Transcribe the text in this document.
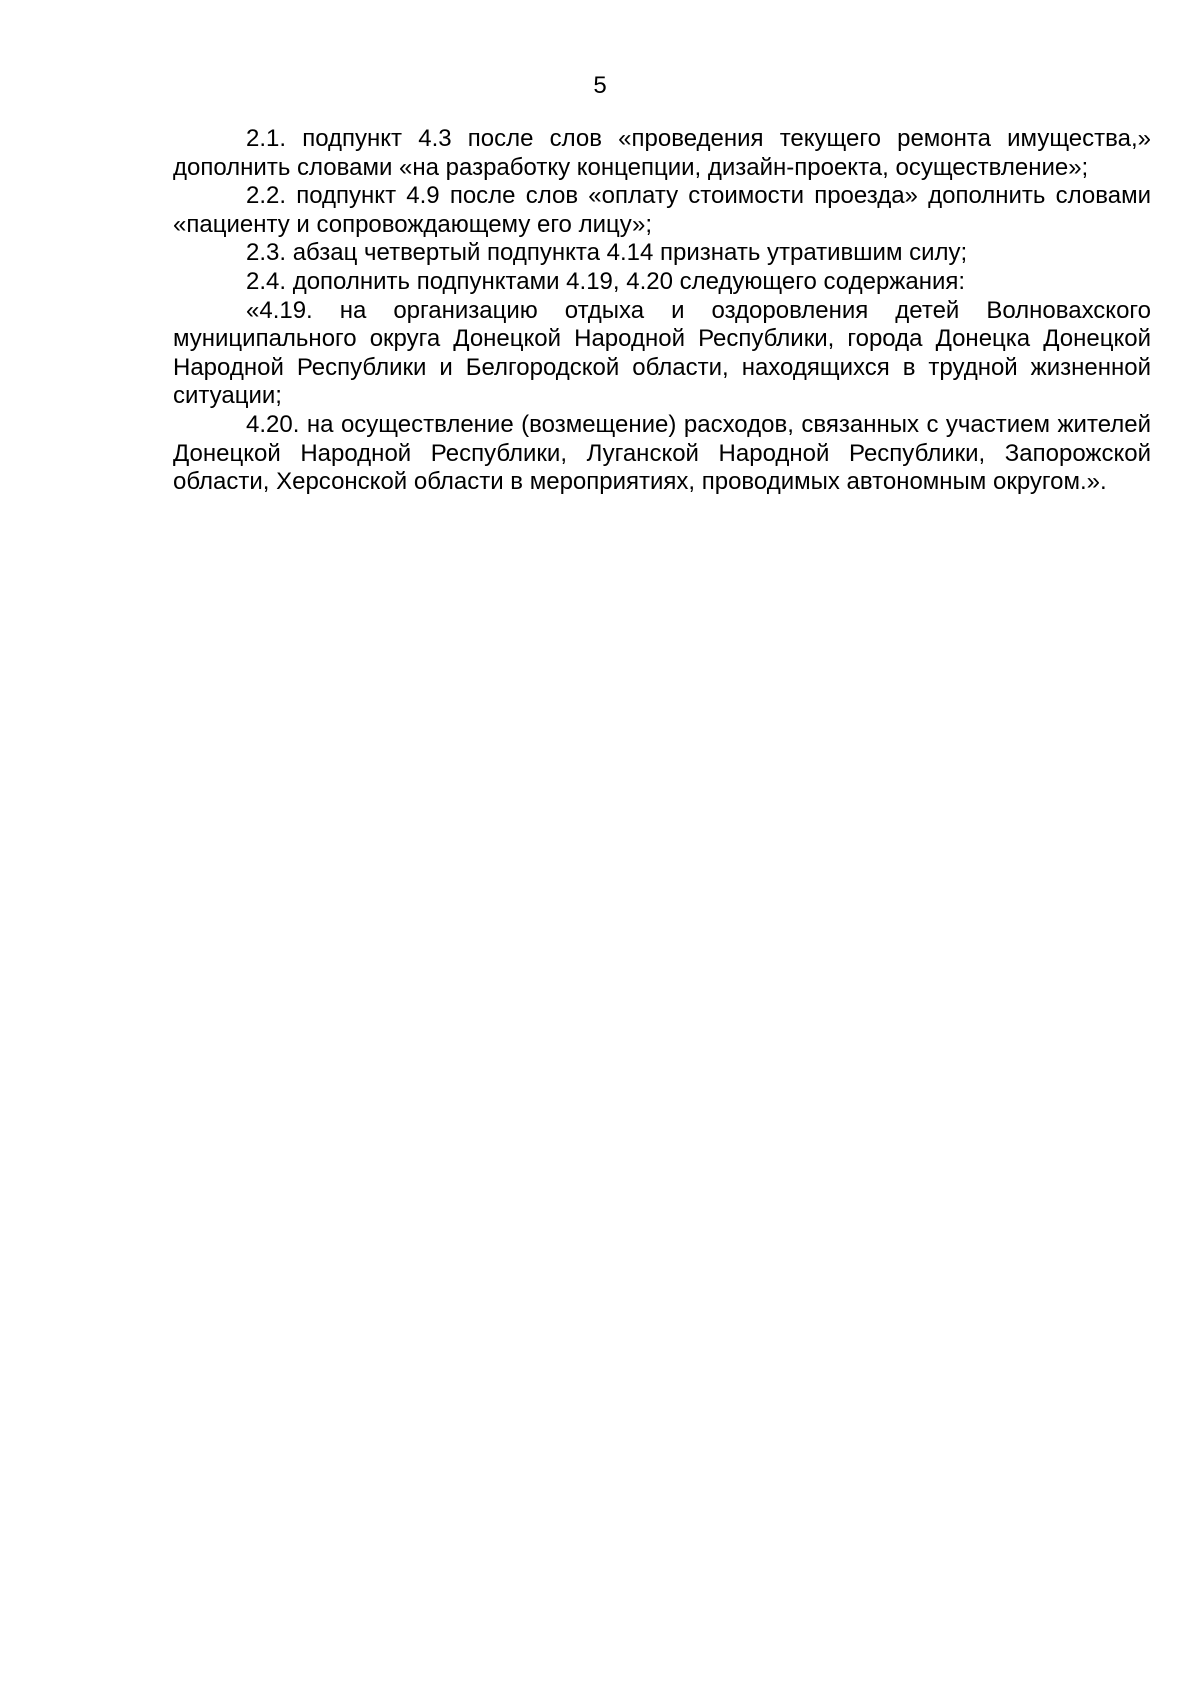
5

2.1. подпункт 4.3 после слов «проведения текущего ремонта имущества,» дополнить словами «на разработку концепции, дизайн-проекта, осуществление»;

2.2. подпункт 4.9 после слов «оплату стоимости проезда» дополнить словами «пациенту и сопровождающему его лицу»;

2.3. абзац четвертый подпункта 4.14 признать утратившим силу;

2.4. дополнить подпунктами 4.19, 4.20 следующего содержания:

«4.19. на организацию отдыха и оздоровления детей Волновахского муниципального округа Донецкой Народной Республики, города Донецка Донецкой Народной Республики и Белгородской области, находящихся в трудной жизненной ситуации;

4.20. на осуществление (возмещение) расходов, связанных с участием жителей Донецкой Народной Республики, Луганской Народной Республики, Запорожской области, Херсонской области в мероприятиях, проводимых автономным округом.».
